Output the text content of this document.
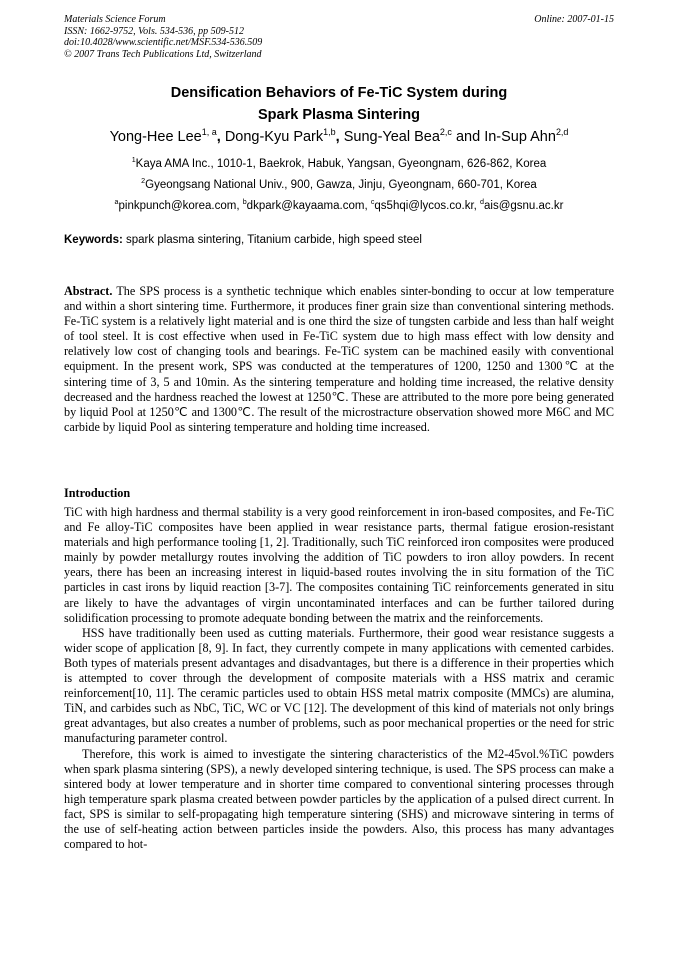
Materials Science Forum
ISSN: 1662-9752, Vols. 534-536, pp 509-512
doi:10.4028/www.scientific.net/MSF.534-536.509
© 2007 Trans Tech Publications Ltd, Switzerland
Online: 2007-01-15
Densification Behaviors of Fe-TiC System during
Spark Plasma Sintering
Yong-Hee Lee$^{1, a}$, Dong-Kyu Park$^{1,b}$, Sung-Yeal Bea$^{2,c}$ and In-Sup Ahn$^{2,d}$
$^1$Kaya AMA Inc., 1010-1, Baekrok, Habuk, Yangsan, Gyeongnam, 626-862, Korea
$^2$Gyeongsang National Univ., 900, Gawza, Jinju, Gyeongnam, 660-701, Korea
$^a$pinkpunch@korea.com, $^b$dkpark@kayaama.com, $^c$qs5hqi@lycos.co.kr, $^d$ais@gsnu.ac.kr
Keywords: spark plasma sintering, Titanium carbide, high speed steel

Abstract. The SPS process is a synthetic technique which enables sinter-bonding to occur at low temperature and within a short sintering time. Furthermore, it produces finer grain size than conventional sintering methods. Fe-TiC system is a relatively light material and is one third the size of tungsten carbide and less than half weight of tool steel. It is cost effective when used in Fe-TiC system due to high mass effect with low density and relatively low cost of changing tools and bearings. Fe-TiC system can be machined easily with conventional equipment. In the present work, SPS was conducted at the temperatures of 1200, 1250 and 1300℃ at the sintering time of 3, 5 and 10min. As the sintering temperature and holding time increased, the relative density decreased and the hardness reached the lowest at 1250℃. These are attributed to the more pore being generated by liquid Pool at 1250℃ and 1300℃. The result of the microstracture observation showed more M6C and MC carbide by liquid Pool as sintering temperature and holding time increased.

Introduction

TiC with high hardness and thermal stability is a very good reinforcement in iron-based composites, and Fe-TiC and Fe alloy-TiC composites have been applied in wear resistance parts, thermal fatigue erosion-resistant materials and high performance tooling [1, 2]. Traditionally, such TiC reinforced iron composites were produced mainly by powder metallurgy routes involving the addition of TiC powders to iron alloy powders. In recent years, there has been an increasing interest in liquid-based routes involving the in situ formation of the TiC particles in cast irons by liquid reaction [3-7]. The composites containing TiC reinforcements generated in situ are likely to have the advantages of virgin uncontaminated interfaces and can be further tailored during solidification processing to promote adequate bonding between the matrix and the reinforcements.

HSS have traditionally been used as cutting materials. Furthermore, their good wear resistance suggests a wider scope of application [8, 9]. In fact, they currently compete in many applications with cemented carbides. Both types of materials present advantages and disadvantages, but there is a difference in their properties which is attempted to cover through the development of composite materials with a HSS matrix and ceramic reinforcement[10, 11]. The ceramic particles used to obtain HSS metal matrix composite (MMCs) are alumina, TiN, and carbides such as NbC, TiC, WC or VC [12]. The development of this kind of materials not only brings great advantages, but also creates a number of problems, such as poor mechanical properties or the need for stric manufacturing parameter control.

Therefore, this work is aimed to investigate the sintering characteristics of the M2-45vol.%TiC powders when spark plasma sintering (SPS), a newly developed sintering technique, is used. The SPS process can make a sintered body at lower temperature and in shorter time compared to conventional sintering processes through high temperature spark plasma created between powder particles by the application of a pulsed direct current. In fact, SPS is similar to self-propagating high temperature sintering (SHS) and microwave sintering in terms of the use of self-heating action between particles inside the powders. Also, this process has many advantages compared to hot-
